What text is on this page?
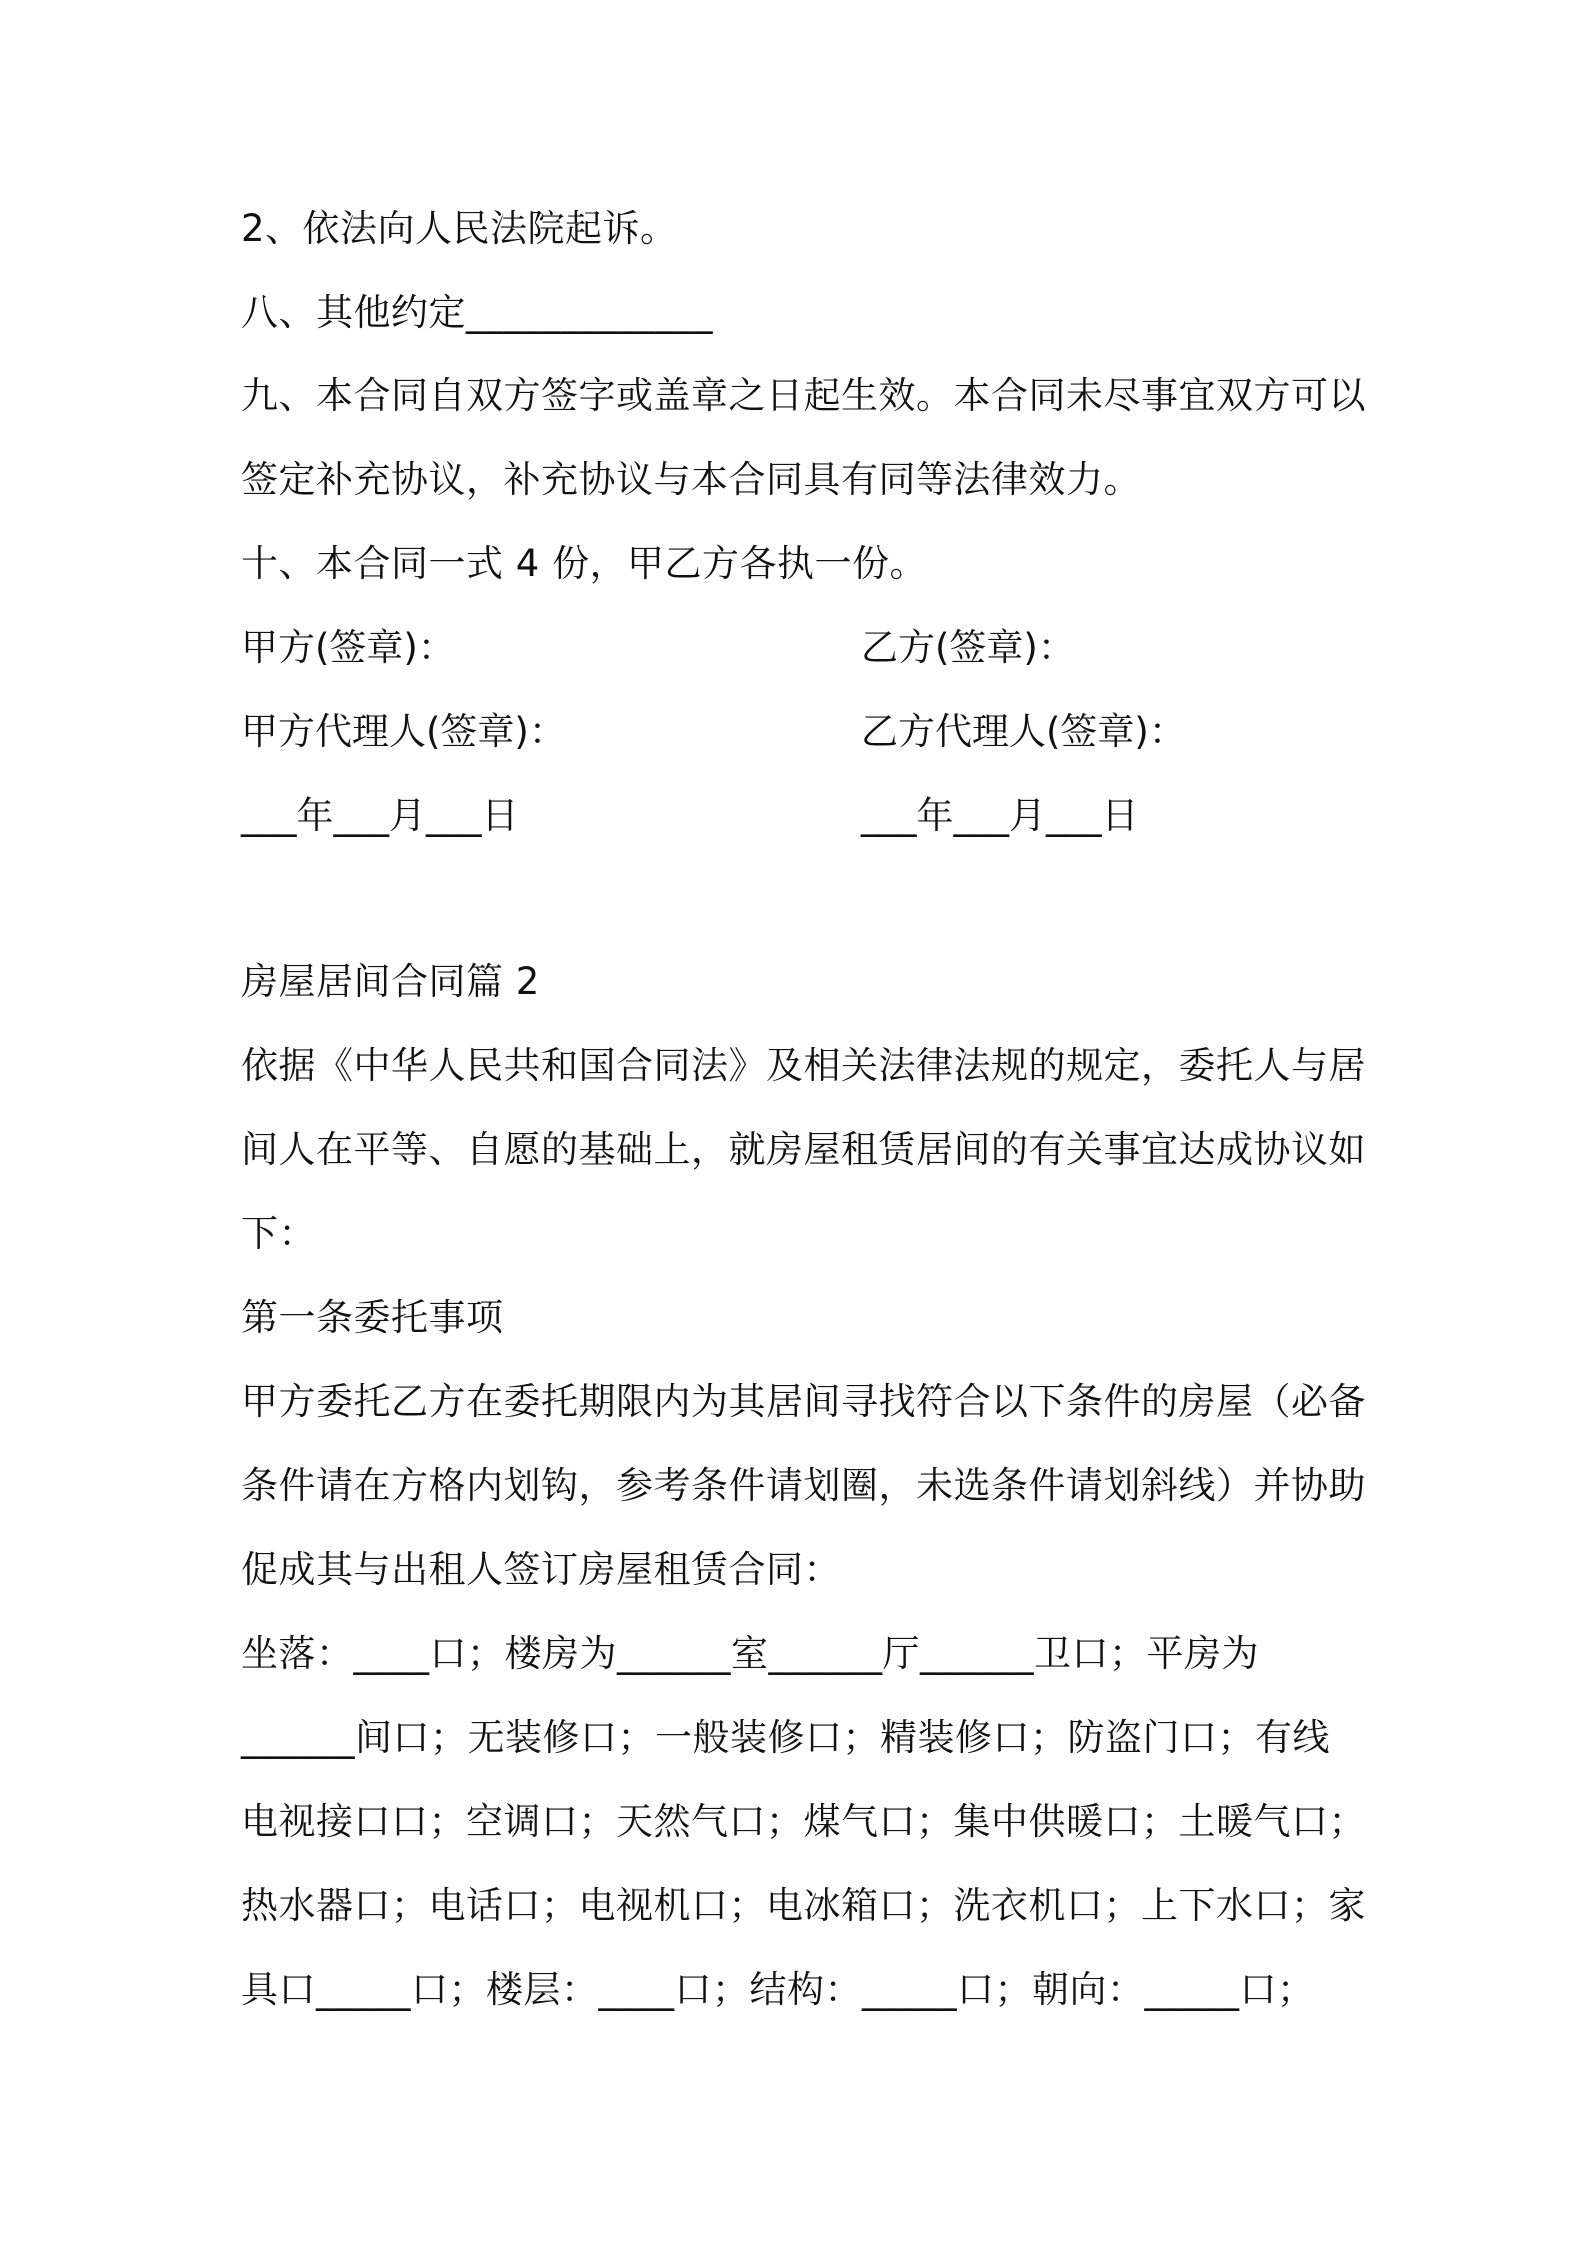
2、依法向人民法院起诉。
八、其他约定_____________
九、本合同自双方签字或盖章之日起生效。本合同未尽事宜双方可以
签定补充协议，补充协议与本合同具有同等法律效力。
十、本合同一式 4 份，甲乙方各执一份。
甲方(签章)：	乙方(签章)：
甲方代理人(签章)：	乙方代理人(签章)：
___年___月___日	___年___月___日
房屋居间合同篇 2
依据《中华人民共和国合同法》及相关法律法规的规定，委托人与居
间人在平等、自愿的基础上，就房屋租赁居间的有关事宜达成协议如
下：
第一条委托事项
甲方委托乙方在委托期限内为其居间寻找符合以下条件的房屋（必备
条件请在方格内划钩，参考条件请划圈，未选条件请划斜线）并协助
促成其与出租人签订房屋租赁合同：
坐落：____口；楼房为______室______厅______卫口；平房为
______间口；无装修口；一般装修口；精装修口；防盗门口；有线
电视接口口；空调口；天然气口；煤气口；集中供暖口；土暖气口；
热水器口；电话口；电视机口；电冰箱口；洗衣机口；上下水口；家
具口_____口；楼层：____口；结构：_____口；朝向：_____口；
